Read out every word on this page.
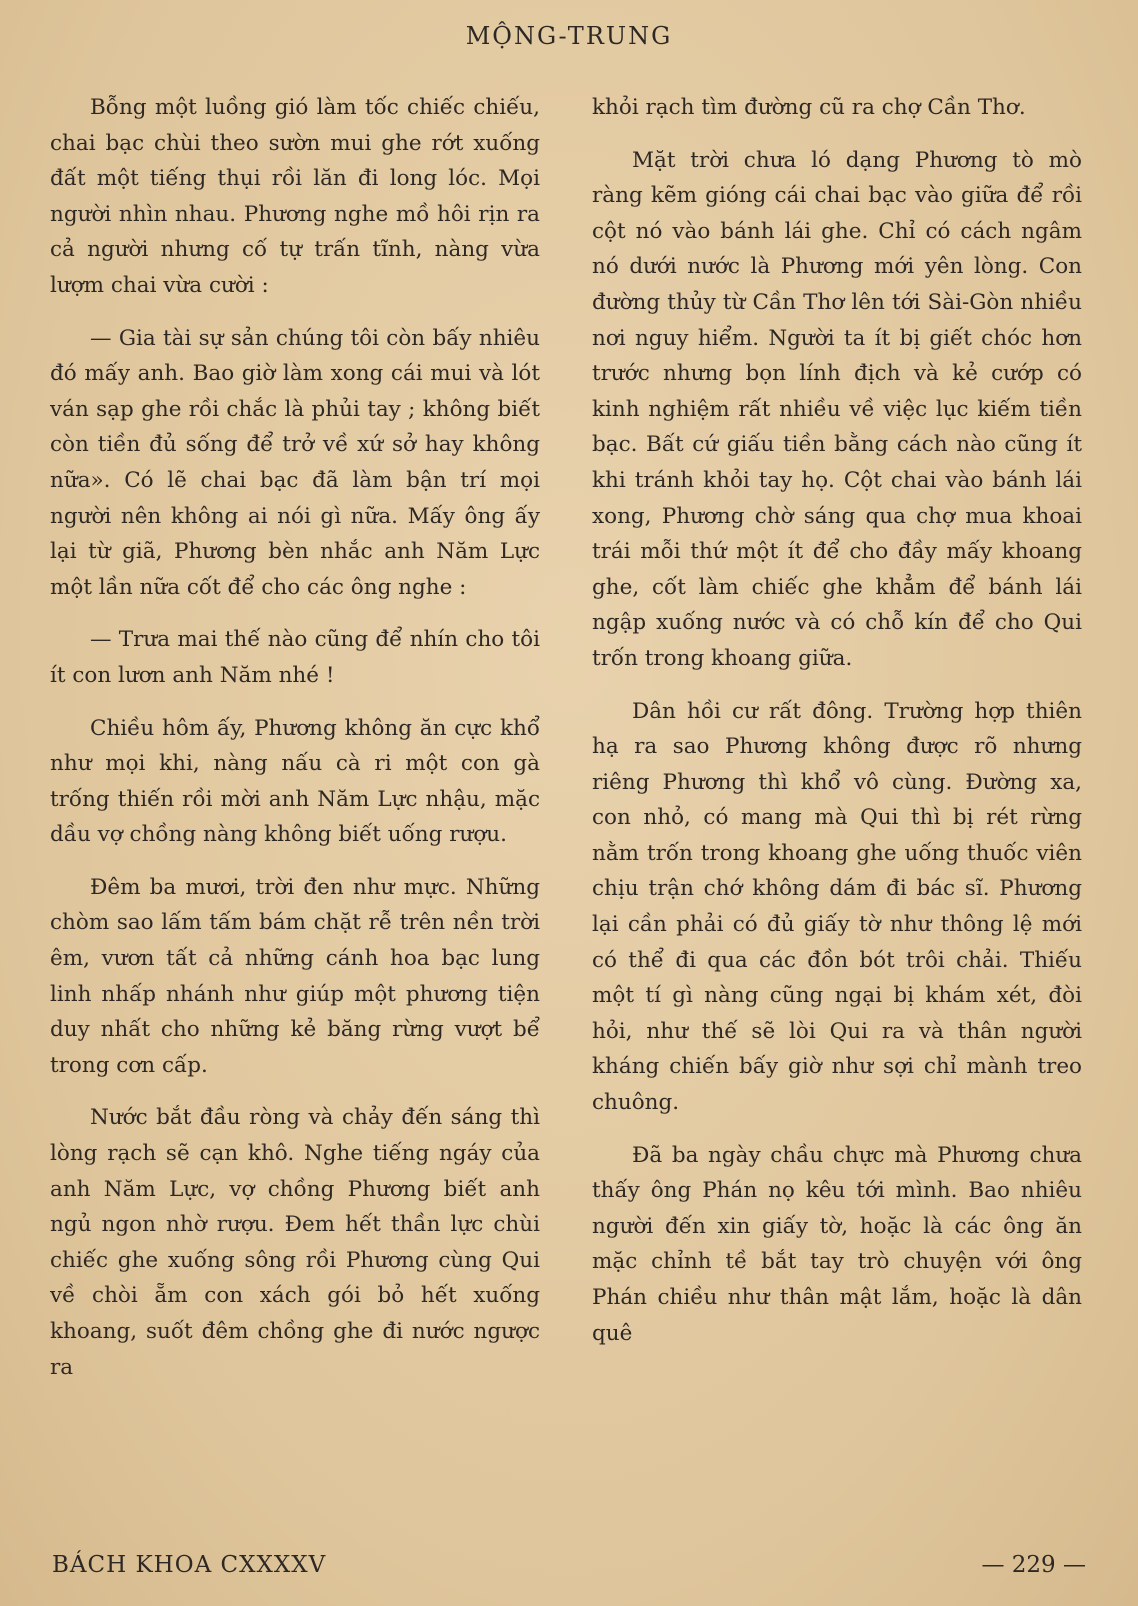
MỘNG-TRUNG

Bỗng một luồng gió làm tốc chiếc chiếu, chai bạc chùi theo sườn mui ghe rớt xuống đất một tiếng thụi rồi lăn đi long lóc. Mọi người nhìn nhau. Phương nghe mồ hôi rịn ra cả người nhưng cố tự trấn tĩnh, nàng vừa lượm chai vừa cười :

— Gia tài sự sản chúng tôi còn bấy nhiêu đó mấy anh. Bao giờ làm xong cái mui và lót ván sạp ghe rồi chắc là phủi tay ; không biết còn tiền đủ sống để trở về xứ sở hay không nữa». Có lẽ chai bạc đã làm bận trí mọi người nên không ai nói gì nữa. Mấy ông ấy lại từ giã, Phương bèn nhắc anh Năm Lực một lần nữa cốt để cho các ông nghe :

— Trưa mai thế nào cũng để nhín cho tôi ít con lươn anh Năm nhé !

Chiều hôm ấy, Phương không ăn cực khổ như mọi khi, nàng nấu cà ri một con gà trống thiến rồi mời anh Năm Lực nhậu, mặc dầu vợ chồng nàng không biết uống rượu.

Đêm ba mươi, trời đen như mực. Những chòm sao lấm tấm bám chặt rễ trên nền trời êm, vươn tất cả những cánh hoa bạc lung linh nhấp nhánh như giúp một phương tiện duy nhất cho những kẻ băng rừng vượt bể trong cơn cấp.

Nước bắt đầu ròng và chảy đến sáng thì lòng rạch sẽ cạn khô. Nghe tiếng ngáy của anh Năm Lực, vợ chồng Phương biết anh ngủ ngon nhờ rượu. Đem hết thần lực chùi chiếc ghe xuống sông rồi Phương cùng Qui về chòi ẵm con xách gói bỏ hết xuống khoang, suốt đêm chồng ghe đi nước ngược ra

khỏi rạch tìm đường cũ ra chợ Cần Thơ.

Mặt trời chưa ló dạng Phương tò mò ràng kẽm gióng cái chai bạc vào giữa để rồi cột nó vào bánh lái ghe. Chỉ có cách ngâm nó dưới nước là Phương mới yên lòng. Con đường thủy từ Cần Thơ lên tới Sài-Gòn nhiều nơi nguy hiểm. Người ta ít bị giết chóc hơn trước nhưng bọn lính địch và kẻ cướp có kinh nghiệm rất nhiều về việc lục kiếm tiền bạc. Bất cứ giấu tiền bằng cách nào cũng ít khi tránh khỏi tay họ. Cột chai vào bánh lái xong, Phương chờ sáng qua chợ mua khoai trái mỗi thứ một ít để cho đầy mấy khoang ghe, cốt làm chiếc ghe khẳm để bánh lái ngập xuống nước và có chỗ kín để cho Qui trốn trong khoang giữa.

Dân hồi cư rất đông. Trường hợp thiên hạ ra sao Phương không được rõ nhưng riêng Phương thì khổ vô cùng. Đường xa, con nhỏ, có mang mà Qui thì bị rét rừng nằm trốn trong khoang ghe uống thuốc viên chịu trận chớ không dám đi bác sĩ. Phương lại cần phải có đủ giấy tờ như thông lệ mới có thể đi qua các đồn bót trôi chải. Thiếu một tí gì nàng cũng ngại bị khám xét, đòi hỏi, như thế sẽ lòi Qui ra và thân người kháng chiến bấy giờ như sợi chỉ mành treo chuông.

Đã ba ngày chầu chực mà Phương chưa thấy ông Phán nọ kêu tới mình. Bao nhiêu người đến xin giấy tờ, hoặc là các ông ăn mặc chỉnh tề bắt tay trò chuyện với ông Phán chiều như thân mật lắm, hoặc là dân quê

BÁCH KHOA CXXXXV	— 229 —
